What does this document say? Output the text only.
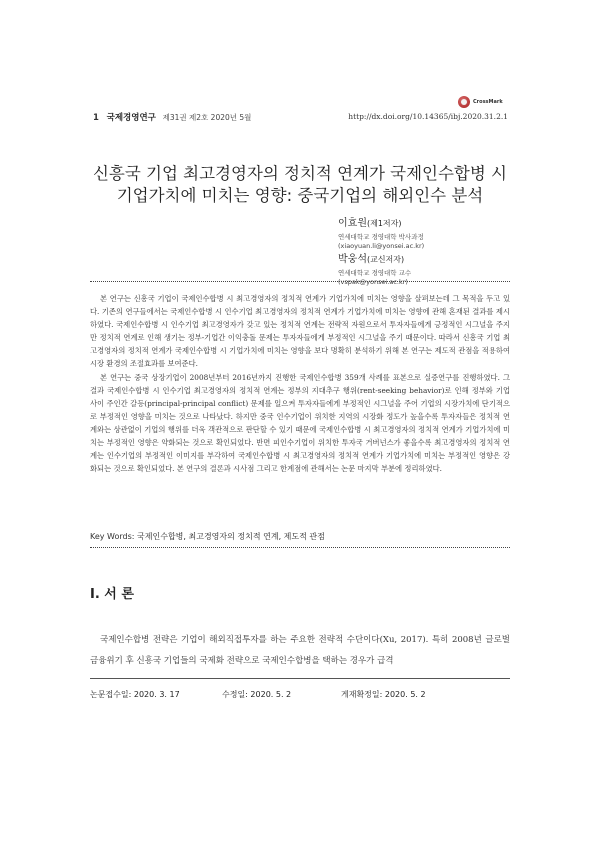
CrossMark
1 국제경영연구 제31권 제2호 2020년 5월	http://dx.doi.org/10.14365/ibj.2020.31.2.1
신흥국 기업 최고경영자의 정치적 연계가 국제인수합병 시
기업가치에 미치는 영향: 중국기업의 해외인수 분석
이효원(제1저자)
연세대학교 경영대학 박사과정
(xiaoyuan.li@yonsei.ac.kr)
박웅석(교신저자)
연세대학교 경영대학 교수
(vspak@yonsei.ac.kr)

본 연구는 신흥국 기업이 국제인수합병 시 최고경영자의 정치적 연계가 기업가치에 미치는 영향을 살펴보는데 그 목적을 두고 있다. 기존의 연구들에서는 국제인수합병 시 인수기업 최고경영자의 정치적 연계가 기업가치에 미치는 영향에 관해 혼재된 결과를 제시하였다. 국제인수합병 시 인수기업 최고경영자가 갖고 있는 정치적 연계는 전략적 자원으로서 투자자들에게 긍정적인 시그널을 주지만 정치적 연계로 인해 생기는 정부-기업간 이익충돌 문제는 투자자들에게 부정적인 시그널을 주기 때문이다. 따라서 신흥국 기업 최고경영자의 정치적 연계가 국제인수합병 시 기업가치에 미치는 영향을 보다 명확히 분석하기 위해 본 연구는 제도적 관점을 적용하여 시장 환경의 조절효과를 보여준다.

본 연구는 중국 상장기업이 2008년부터 2016년까지 진행한 국제인수합병 359개 사례를 표본으로 실증연구를 진행하였다. 그 결과 국제인수합병 시 인수기업 최고경영자의 정치적 연계는 정부의 지대추구 행위(rent-seeking behavior)로 인해 정부와 기업 사이 주인간 갈등(principal-principal conflict) 문제를 일으켜 투자자들에게 부정적인 시그널을 주어 기업의 시장가치에 단기적으로 부정적인 영향을 미치는 것으로 나타났다. 하지만 중국 인수기업이 위치한 지역의 시장화 정도가 높을수록 투자자들은 정치적 연계와는 상관없이 기업의 행위를 더욱 객관적으로 판단할 수 있기 때문에 국제인수합병 시 최고경영자의 정치적 연계가 기업가치에 미치는 부정적인 영향은 약화되는 것으로 확인되었다. 반면 피인수기업이 위치한 투자국 거버넌스가 좋을수록 최고경영자의 정치적 연계는 인수기업의 부정적인 이미지를 부각하여 국제인수합병 시 최고경영자의 정치적 연계가 기업가치에 미치는 부정적인 영향은 강화되는 것으로 확인되었다. 본 연구의 결론과 시사점 그리고 한계점에 관해서는 논문 마지막 부분에 정리하였다.

Key Words: 국제인수합병, 최고경영자의 정치적 연계, 제도적 관점
Ⅰ. 서 론

국제인수합병 전략은 기업이 해외직접투자를 하는 주요한 전략적 수단이다(Xu, 2017). 특히 2008년 글로벌 금융위기 후 신흥국 기업들의 국제화 전략으로 국제인수합병을 택하는 경우가 급격

논문접수일: 2020. 3. 17	수정일: 2020. 5. 2	게재확정일: 2020. 5. 2
